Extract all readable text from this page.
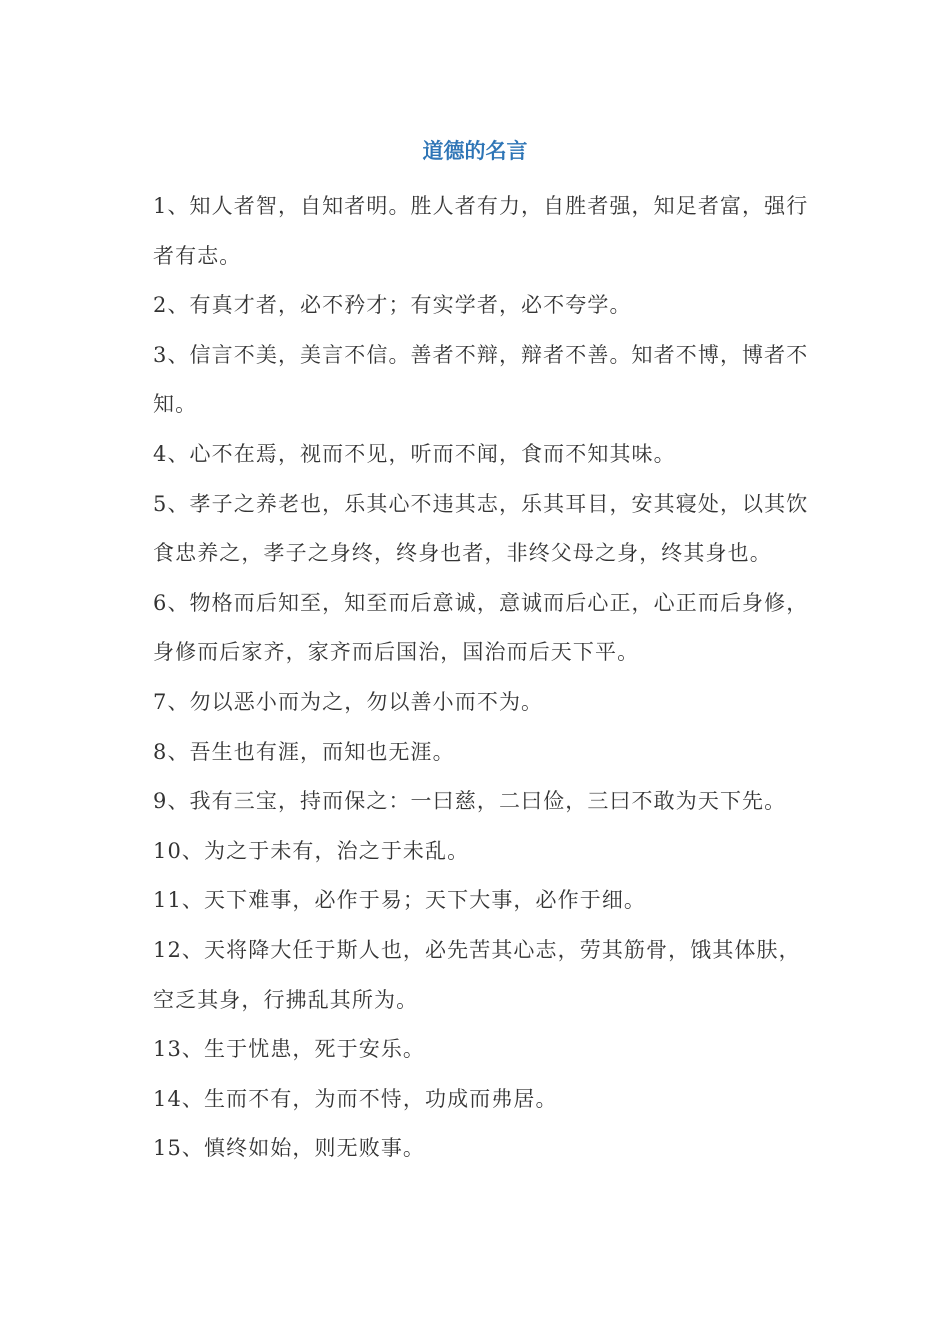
道德的名言
1、知人者智，自知者明。胜人者有力，自胜者强，知足者富，强行者有志。
2、有真才者，必不矜才；有实学者，必不夸学。
3、信言不美，美言不信。善者不辩，辩者不善。知者不博，博者不知。
4、心不在焉，视而不见，听而不闻，食而不知其味。
5、孝子之养老也，乐其心不违其志，乐其耳目，安其寝处，以其饮食忠养之，孝子之身终，终身也者，非终父母之身，终其身也。
6、物格而后知至，知至而后意诚，意诚而后心正，心正而后身修，身修而后家齐，家齐而后国治，国治而后天下平。
7、勿以恶小而为之，勿以善小而不为。
8、吾生也有涯，而知也无涯。
9、我有三宝，持而保之：一曰慈，二曰俭，三曰不敢为天下先。
10、为之于未有，治之于未乱。
11、天下难事，必作于易；天下大事，必作于细。
12、天将降大任于斯人也，必先苦其心志，劳其筋骨，饿其体肤，空乏其身，行拂乱其所为。
13、生于忧患，死于安乐。
14、生而不有，为而不恃，功成而弗居。
15、慎终如始，则无败事。
